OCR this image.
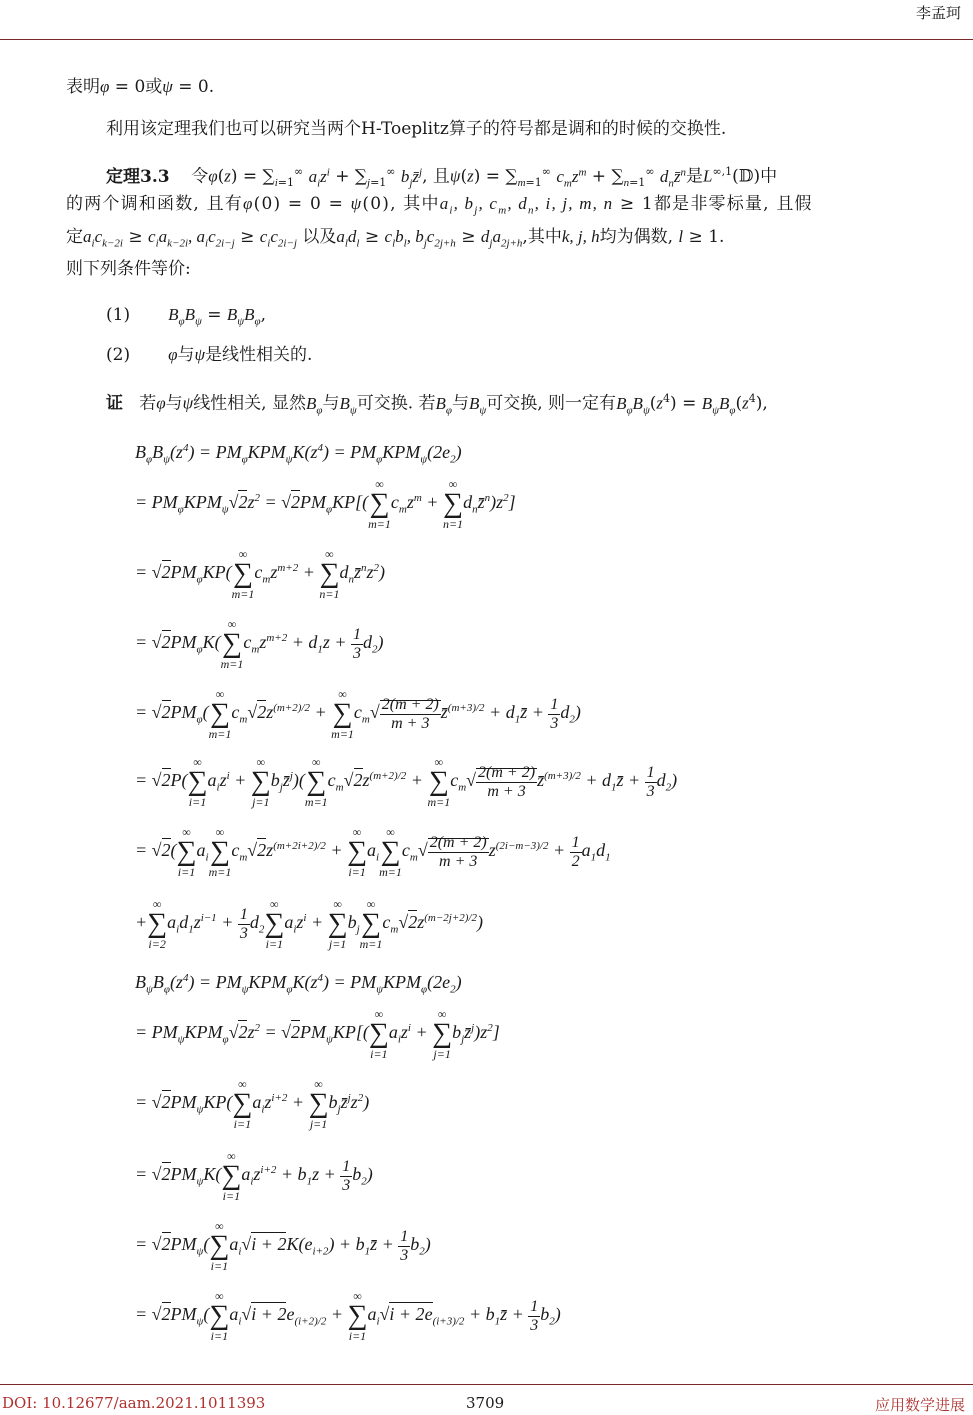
李孟珂
表明φ = 0或ψ = 0.
利用该定理我们也可以研究当两个H-Toeplitz算子的符号都是调和的时候的交换性.
定理3.3    令$\varphi(z) = \sum_{i=1}^\infty$ $a_iz^i + \sum_{j=1}^\infty$ $b_jz̄^j$, 且$\psi(z) = \sum_{m=1}^\infty$ $c_mz^m + \sum_{n=1}^\infty$ $d_nz̄^n$是$L^{\infty,1}(𝔻)$中
的两个调和函数, 且有φ(0) = 0 = ψ(0), 其中$a_i$, $b_j$, $c_m$, $d_n$, i, j, m, n ≥ 1都是非零标量, 且假
定$a_ic_{k-2i} \ge c_ia_{k-2i}$, $a_ic_{2i-j} \ge c_ic_{2i-j}$ 以及$a_ld_l \ge c_lb_l$, $b_jc_{2j+h} \ge d_ja_{2j+h}$,其中k, j, h均为偶数, l ≥ 1.
则下列条件等价:
(1) $B_\varphi B_\psi = B_\psi B_\varphi$,
(2) φ与ψ是线性相关的.
证   若φ与ψ线性相关, 显然$B_\varphi$与$B_\psi$可交换. 若$B_\varphi$与$B_\psi$可交换, 则一定有$B_\varphi B_\psi(z^4) = B_\psi B_\varphi(z^4)$,
$B_\varphi B_\psi(z^4) = PM_\varphi KPM_\psi K(z^4) = PM_\varphi KPM_\psi(2e_2)$
= $PM_\varphi KPM_\psi√2z^2 = √2PM_\varphi KP$[(
∞
∑
m=1
$c_mz^m$ +
∞
∑
n=1
$d_nz̄^n)z^2$]
= $√2PM_\varphi KP$(
∞
∑
m=1
$c_mz^{m+2}$ +
∞
∑
n=1
$d_nz̄^nz^2$)
= $√2PM_\varphi K$(
∞
∑
m=1
$c_mz^{m+2} + d_1z + \frac{1}{3} d_2$)
= $√2PM_\varphi$(
∞
∑
m=1
$c_m√2z^{(m+2)/2}$ +
∞
∑
m=1
$c_m√ \frac{2(m + 2)}{m + 3}$ z̄$^{(m+3)/2}$ + $d_1z̄ + \frac{1}{3} d_2$)
= √2P(
∞
∑
i=1
$a_iz^i$ +
∞
∑
j=1
$b_jz̄^j$)(
∞
∑
m=1
$c_m√2z^{(m+2)/2}$ +
∞
∑
m=1
$c_m√ \frac{2(m + 2)}{m + 3}$ z̄$^{(m+3)/2}$ + $d_1z̄ + \frac{1}{3} d_2$)
= √2(
∞
∑
i=1
$a_i$
∞
∑
m=1
$c_m√2z^{(m+2i+2)/2}$ +
∞
∑
i=1
$a_i$
∞
∑
m=1
$c_m√ \frac{2(m + 2)}{m + 3} z^{(2i-m-3)/2} + \frac{1}{2} a_1d_1$
+
∞
∑
i=2
$a_id_1z^{i-1} + \frac{1}{3} d_2$
∞
∑
i=1
$a_iz^i$ +
∞
∑
j=1
$b_j$
∞
∑
m=1
$c_m√2z^{(m-2j+2)/2}$)
$B_\psi B_\varphi(z^4) = PM_\psi KPM_\varphi K(z^4) = PM_\psi KPM_\varphi(2e_2)$
= $PM_\psi KPM_\varphi√2z^2 = √2PM_\psi KP$[(
∞
∑
i=1
$a_iz^i$ +
∞
∑
j=1
$b_jz̄^j)z^2$]
= $√2PM_\psi KP$(
∞
∑
i=1
$a_iz^{i+2}$ +
∞
∑
j=1
$b_jz̄^jz^2$)
= $√2PM_\psi K$(
∞
∑
i=1
$a_iz^{i+2} + b_1z + \frac{1}{3} b_2$)
= $√2PM_\psi$(
∞
∑
i=1
$a_i√i + 2K(e_{i+2})$ + $b_1z̄ + \frac{1}{3} b_2$)
= $√2PM_\psi$(
∞
∑
i=1
$a_i√i + 2e_{(i+2)/2}$ +
∞
∑
i=1
$a_i√i + 2e_{(i+3)/2}$ + $b_1z̄ + \frac{1}{3} b_2$)
DOI: 10.12677/aam.2021.1011393	3709	应用数学进展
